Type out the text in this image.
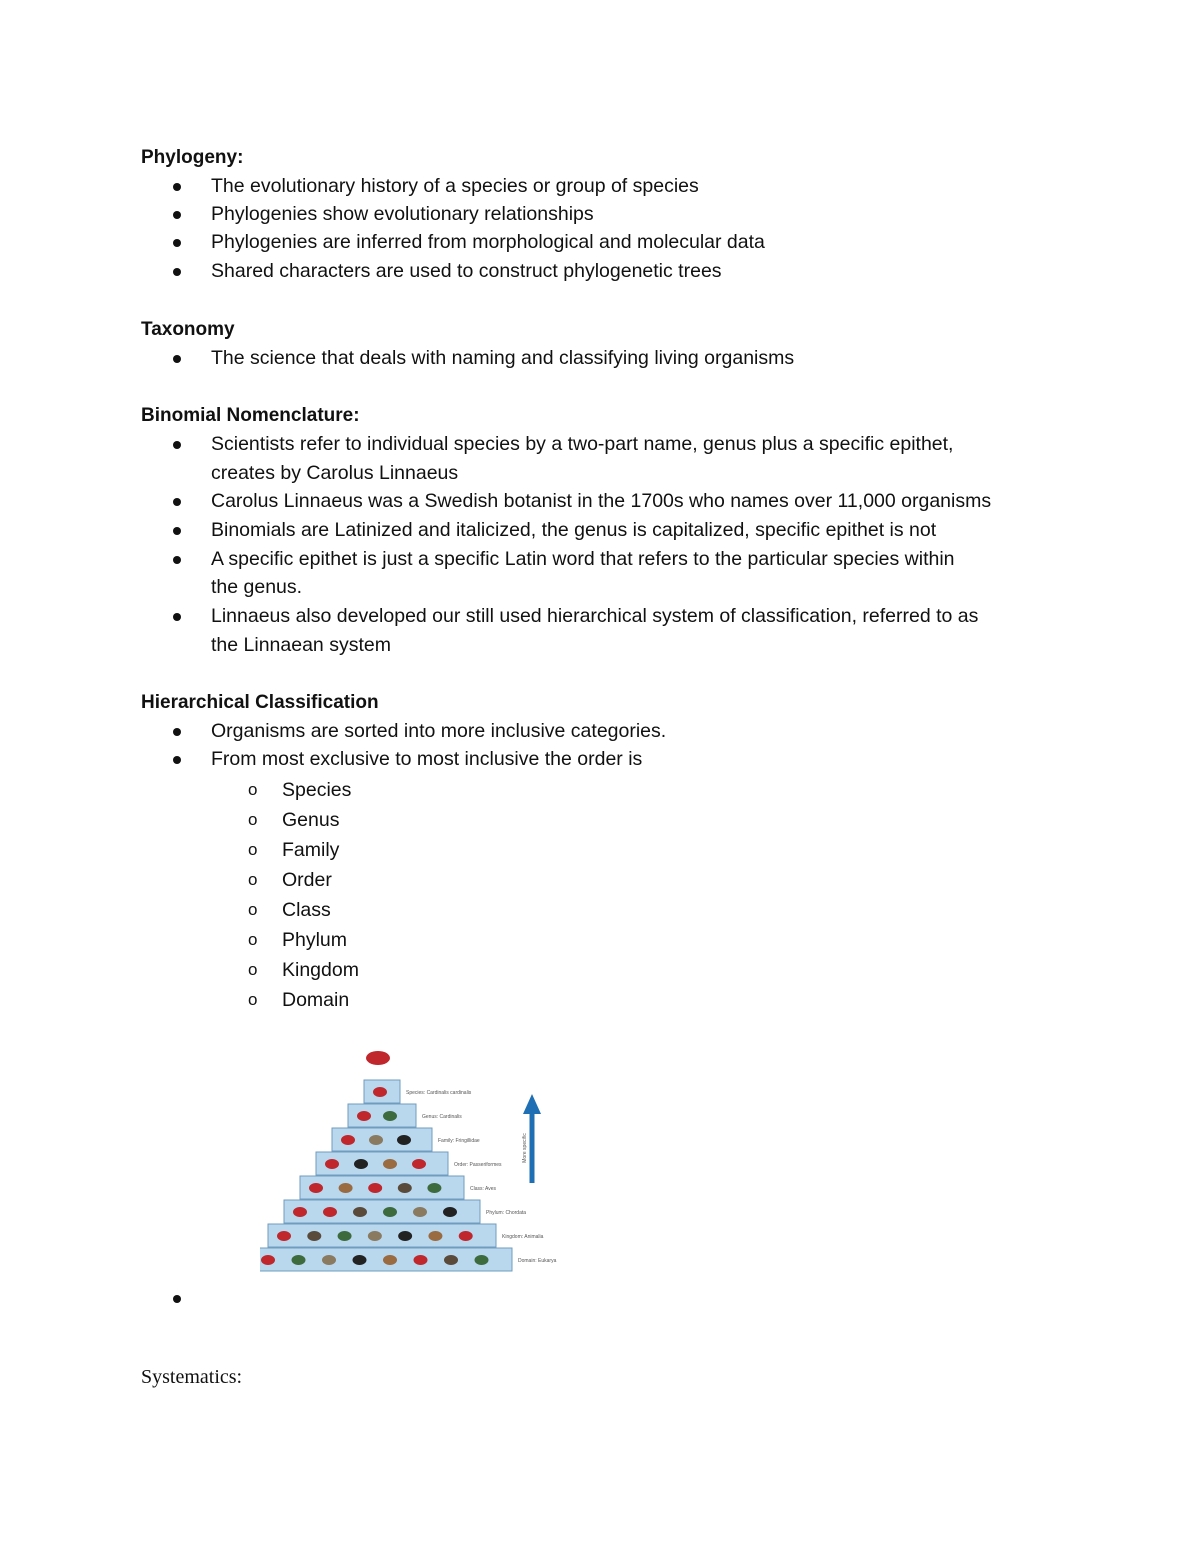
Phylogeny:
The evolutionary history of a species or group of species
Phylogenies show evolutionary relationships
Phylogenies are inferred from morphological and molecular data
Shared characters are used to construct phylogenetic trees
Taxonomy
The science that deals with naming and classifying living organisms
Binomial Nomenclature:
Scientists refer to individual species by a two-part name, genus plus a specific epithet,
creates by Carolus Linnaeus
Carolus Linnaeus was a Swedish botanist in the 1700s who names over 11,000 organisms
Binomials are Latinized and italicized, the genus is capitalized, specific epithet is not
A specific epithet is just a specific Latin word that refers to the particular species within
the genus.
Linnaeus also developed our still used hierarchical system of classification, referred to as
the Linnaean system
Hierarchical Classification
Organisms are sorted into more inclusive categories.
From most exclusive to most inclusive the order is
o Species
o Genus
o Family
o Order
o Class
o Phylum
o Kingdom
o Domain
Species: Cardinalis cardinalis
Genus: Cardinalis
Family: Fringillidae
Order: Passeriformes
Class: Aves
Phylum: Chordata
Kingdom: Animalia
Domain: Eukarya
More specific
Systematics:
